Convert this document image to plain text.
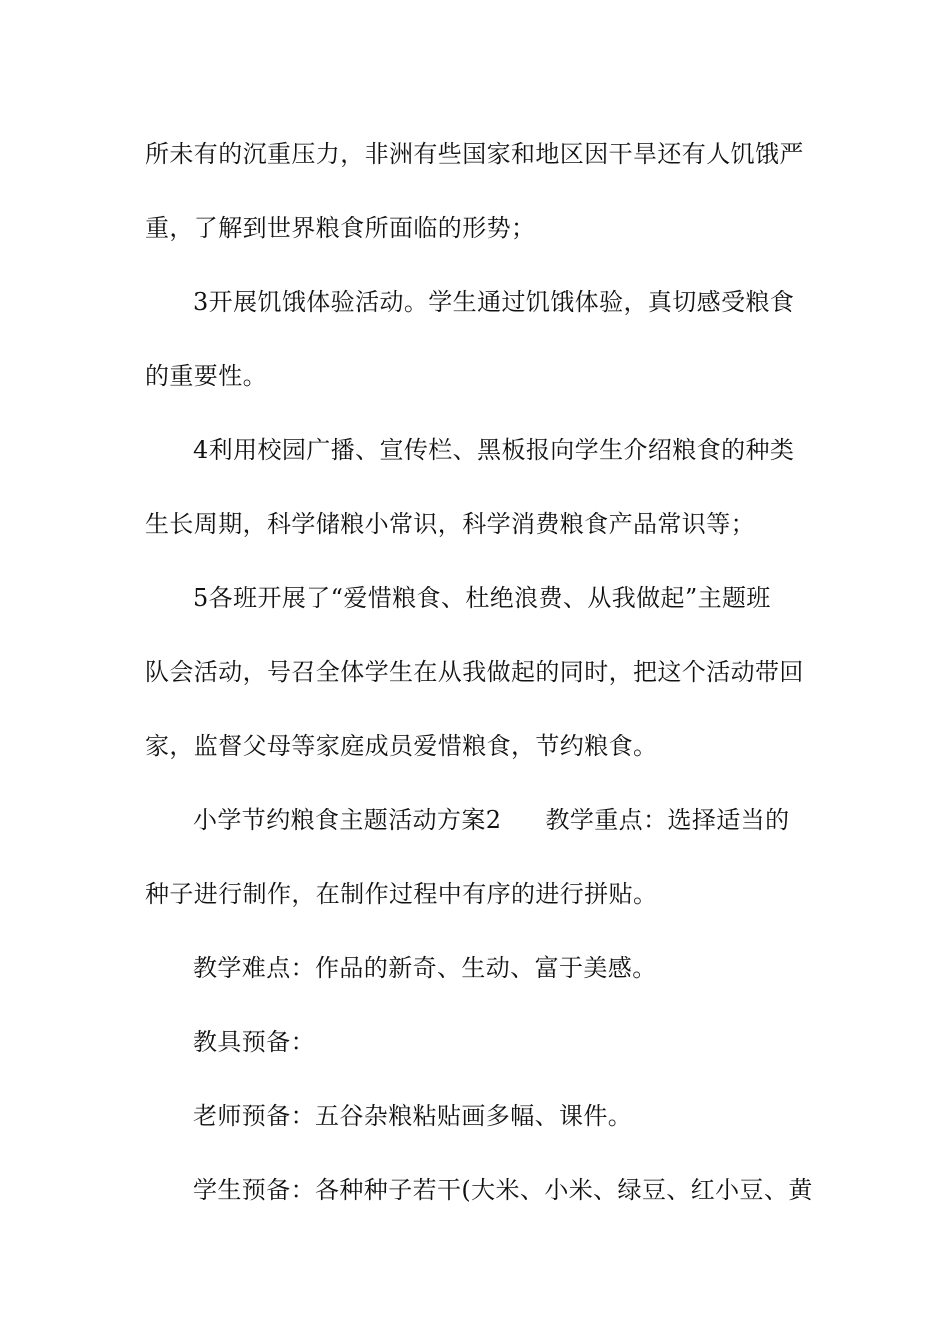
所未有的沉重压力，非洲有些国家和地区因干旱还有人饥饿严
重，了解到世界粮食所面临的形势；
3开展饥饿体验活动。学生通过饥饿体验，真切感受粮食
的重要性。
4利用校园广播、宣传栏、黑板报向学生介绍粮食的种类
生长周期，科学储粮小常识，科学消费粮食产品常识等；
5各班开展了“爱惜粮食、杜绝浪费、从我做起”主题班
队会活动，号召全体学生在从我做起的同时，把这个活动带回
家，监督父母等家庭成员爱惜粮食，节约粮食。
小学节约粮食主题活动方案2 教学重点：选择适当的
种子进行制作，在制作过程中有序的进行拼贴。
教学难点：作品的新奇、生动、富于美感。
教具预备：
老师预备：五谷杂粮粘贴画多幅、课件。
学生预备：各种种子若干(大米、小米、绿豆、红小豆、黄
